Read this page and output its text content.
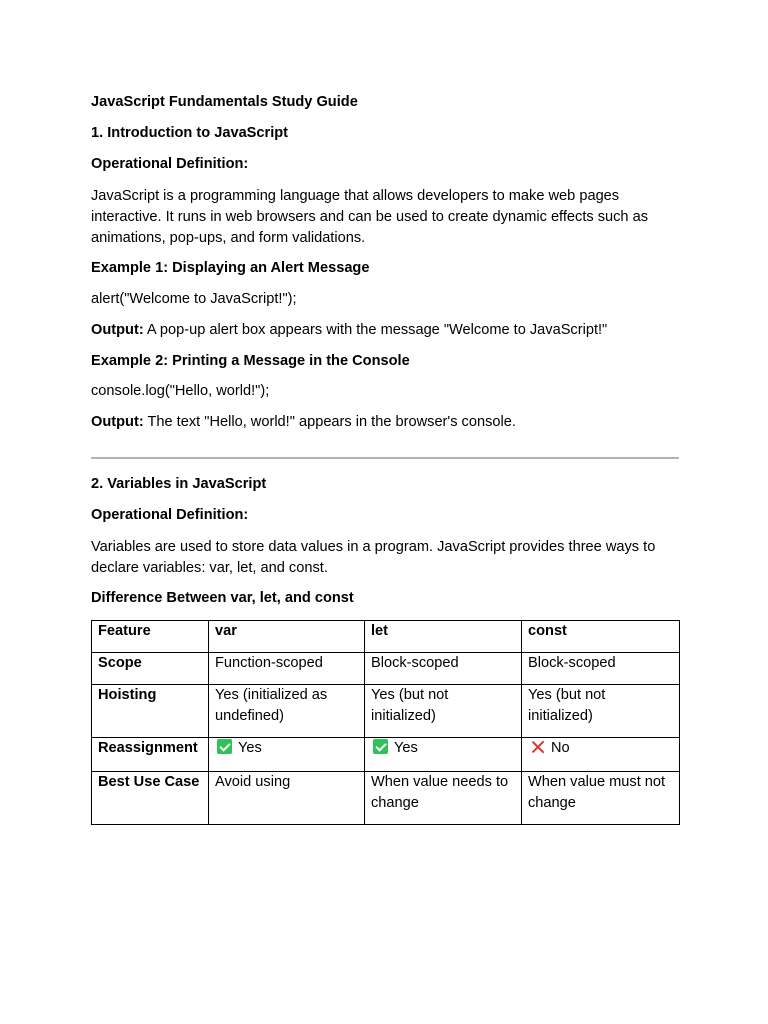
JavaScript Fundamentals Study Guide

1. Introduction to JavaScript

Operational Definition:

JavaScript is a programming language that allows developers to make web pages interactive. It runs in web browsers and can be used to create dynamic effects such as animations, pop-ups, and form validations.

Example 1: Displaying an Alert Message

alert("Welcome to JavaScript!");

Output: A pop-up alert box appears with the message "Welcome to JavaScript!"

Example 2: Printing a Message in the Console

console.log("Hello, world!");

Output: The text "Hello, world!" appears in the browser's console.

2. Variables in JavaScript

Operational Definition:

Variables are used to store data values in a program. JavaScript provides three ways to declare variables: var, let, and const.

Difference Between var, let, and const

Feature	var	let	const
Scope	Function-scoped	Block-scoped	Block-scoped
Hoisting	Yes (initialized as undefined)	Yes (but not initialized)	Yes (but not initialized)
Reassignment	Yes	Yes	No
Best Use Case	Avoid using	When value needs to change	When value must not change
